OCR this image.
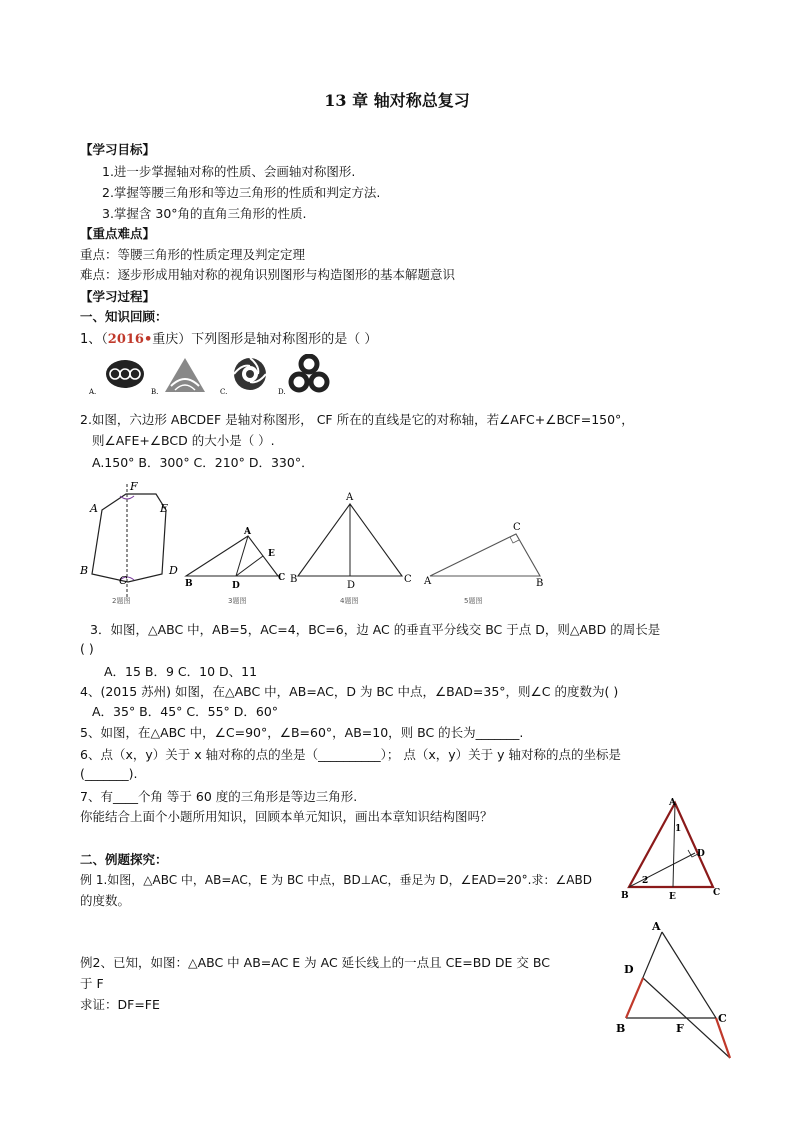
13 章 轴对称总复习
【学习目标】
1.进一步掌握轴对称的性质、会画轴对称图形.
2.掌握等腰三角形和等边三角形的性质和判定方法.
3.掌握含 30°角的直角三角形的性质.
【重点难点】
重点：等腰三角形的性质定理及判定定理
难点：逐步形成用轴对称的视角识别图形与构造图形的基本解题意识
【学习过程】
一、知识回顾：
1、（2016•重庆）下列图形是轴对称图形的是（ ）
A.	B.	C.	D.
2.如图，六边形 ABCDEF 是轴对称图形， CF 所在的直线是它的对称轴，若∠AFC+∠BCF=150°，
则∠AFE+∠BCD 的大小是（ ）.
A.150° B．300° C．210° D．330°．
A
B
C
D
E
F
2题图
A
B
C
D
E
3题图
A
B	C
D
4题图
C
A	B
5题图
3．如图，△ABC 中，AB=5，AC=4，BC=6，边 AC 的垂直平分线交 BC 于点 D，则△ABD 的周长是
( )
A．15 B．9 C．10 D、11
4、(2015 苏州) 如图，在△ABC 中，AB=AC，D 为 BC 中点，∠BAD=35°，则∠C 的度数为( )
A．35° B．45° C．55° D．60°
5、如图，在△ABC 中，∠C=90°，∠B=60°，AB=10，则 BC 的长为_______.
6、点（x，y）关于 x 轴对称的点的坐是（__________）； 点（x，y）关于 y 轴对称的点的坐标是
(_______).
7、有____个角 等于 60 度的三角形是等边三角形.
你能结合上面个小题所用知识，回顾本单元知识，画出本章知识结构图吗？
二、例题探究：
例 1.如图，△ABC 中，AB=AC，E 为 BC 中点，BD⊥AC，垂足为 D，∠EAD=20°.求：∠ABD
的度数。
例2、已知，如图：△ABC 中 AB=AC E 为 AC 延长线上的一点且 CE=BD DE 交 BC
于 F
求证：DF=FE
A
B	C
D
E
1
2
A
B
C
D
F
